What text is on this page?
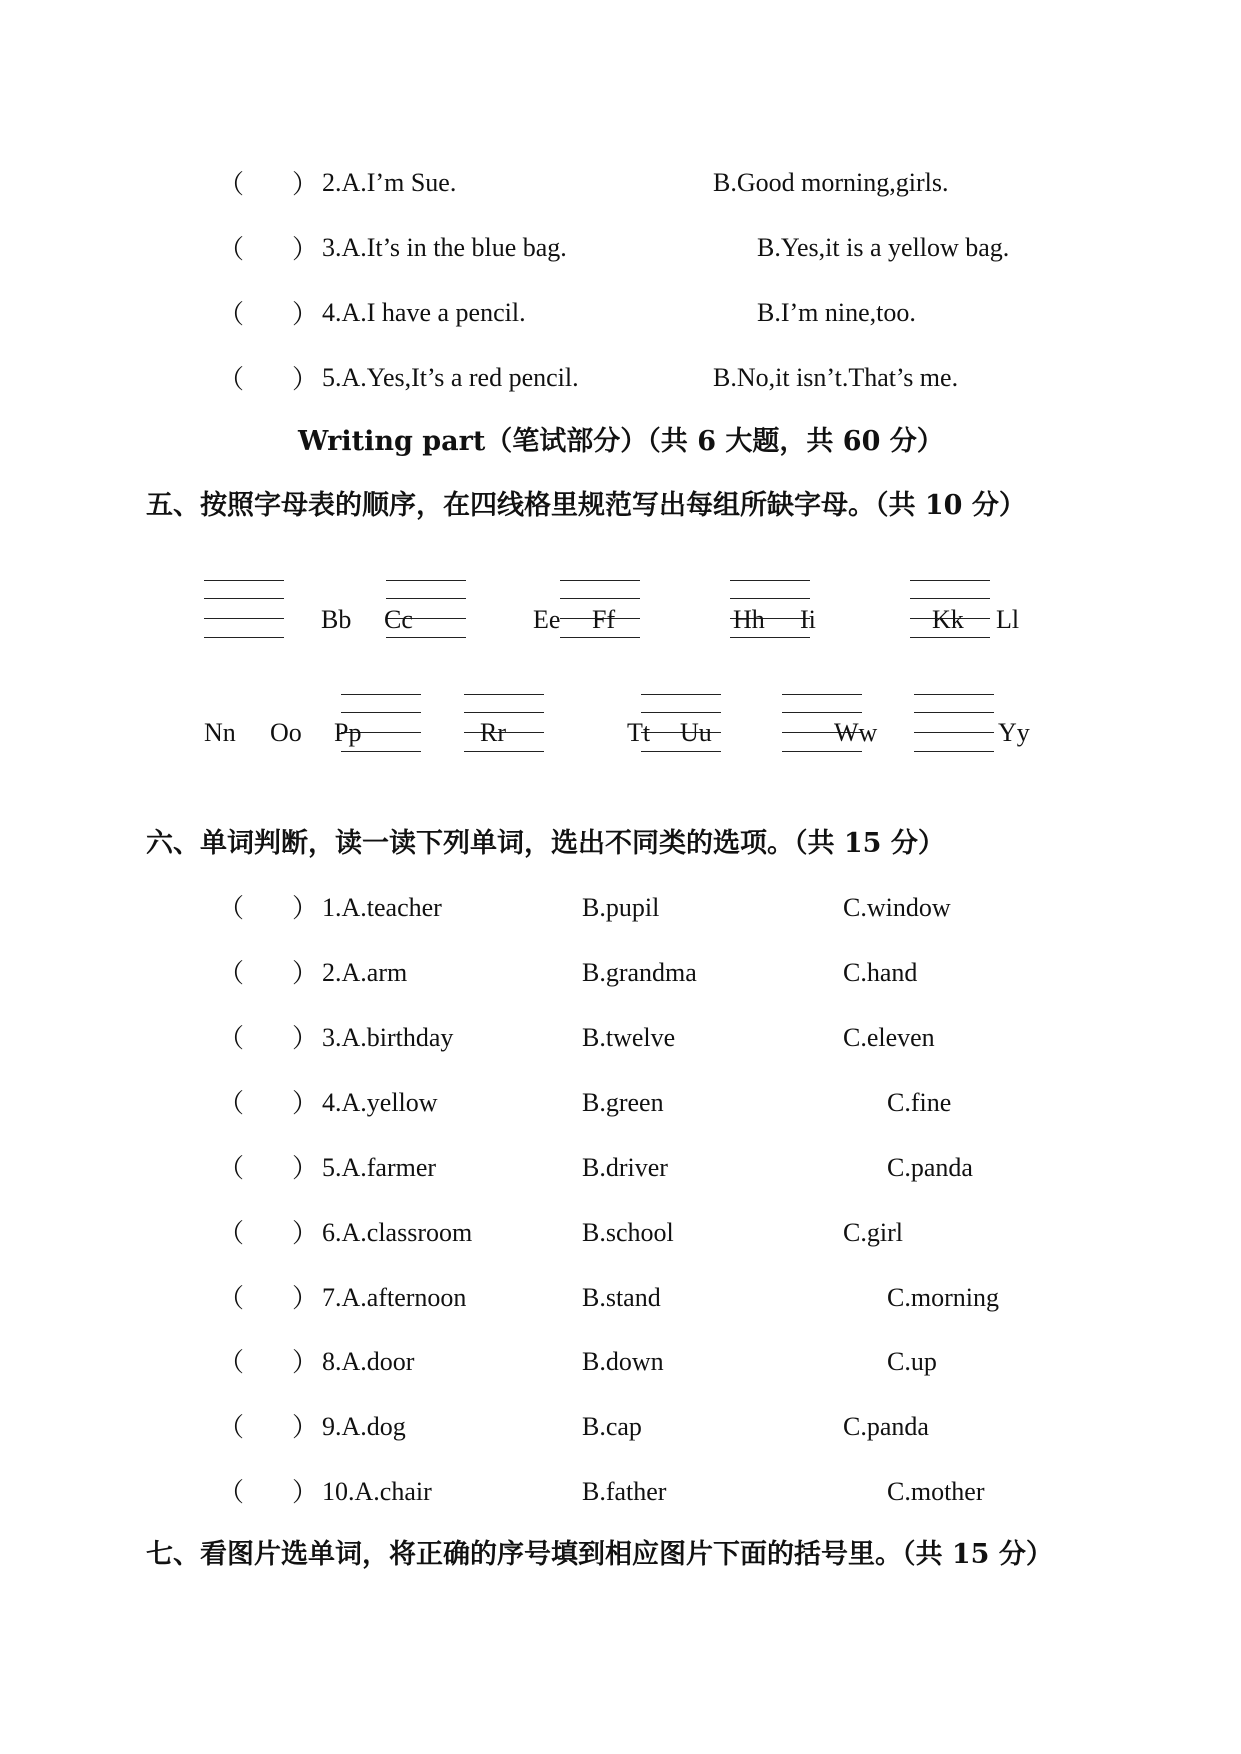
（ ） 2.A.I’m Sue.	B.Good morning,girls.
（ ） 3.A.It’s in the blue bag.	B.Yes,it is a yellow bag.
（ ） 4.A.I have a pencil.	B.I’m nine,too.
（ ） 5.A.Yes,It’s a red pencil.	B.No,it isn’t.That’s me.
Writing part（笔试部分）（共 6 大题，共 60 分）
五、按照字母表的顺序，在四线格里规范写出每组所缺字母。（共 10 分）
Bb Cc	Ee Ff	Hh Ii	Kk Ll
Nn Oo Pp	Rr	Tt Uu	Ww	Yy
六、单词判断，读一读下列单词，选出不同类的选项。（共 15 分）
（ ） 1.A.teacher	B.pupil	C.window
（ ） 2.A.arm	B.grandma	C.hand
（ ） 3.A.birthday	B.twelve	C.eleven
（ ） 4.A.yellow	B.green	C.fine
（ ） 5.A.farmer	B.driver	C.panda
（ ） 6.A.classroom	B.school	C.girl
（ ） 7.A.afternoon	B.stand	C.morning
（ ） 8.A.door	B.down	C.up
（ ） 9.A.dog	B.cap	C.panda
（ ） 10.A.chair	B.father	C.mother
七、看图片选单词，将正确的序号填到相应图片下面的括号里。（共 15 分）
